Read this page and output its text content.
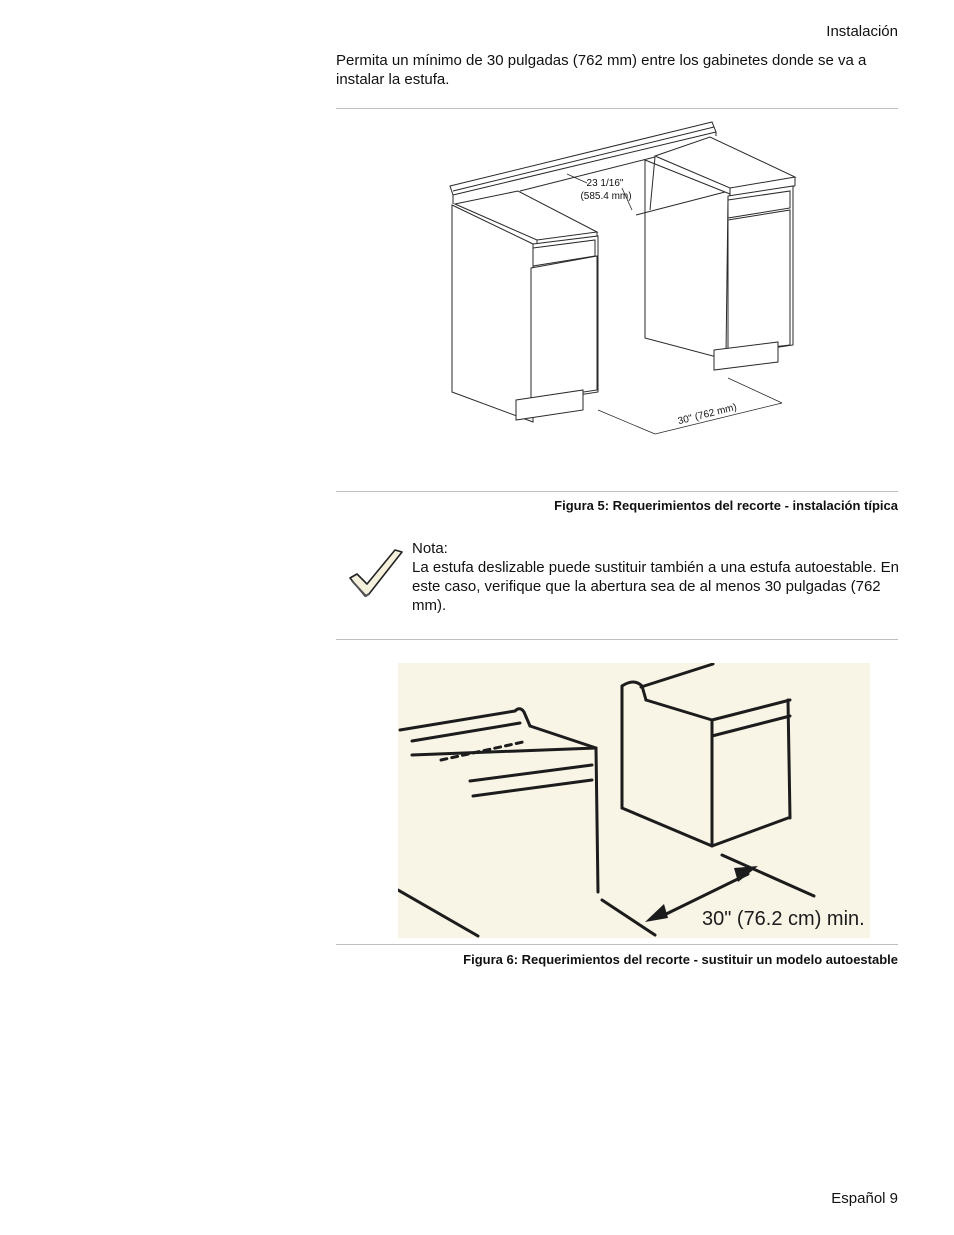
Instalación
Permita un mínimo de 30 pulgadas (762 mm) entre los gabinetes donde se va a instalar la estufa.
23 1/16"
(585.4 mm)
30" (762 mm)
Figura 5: Requerimientos del recorte - instalación típica
Nota:
La estufa deslizable puede sustituir también a una estufa autoestable. En este caso, verifique que la abertura sea de al menos 30 pulgadas (762 mm).
30" (76.2 cm) min.
Figura 6: Requerimientos del recorte - sustituir un modelo autoestable
Español 9
